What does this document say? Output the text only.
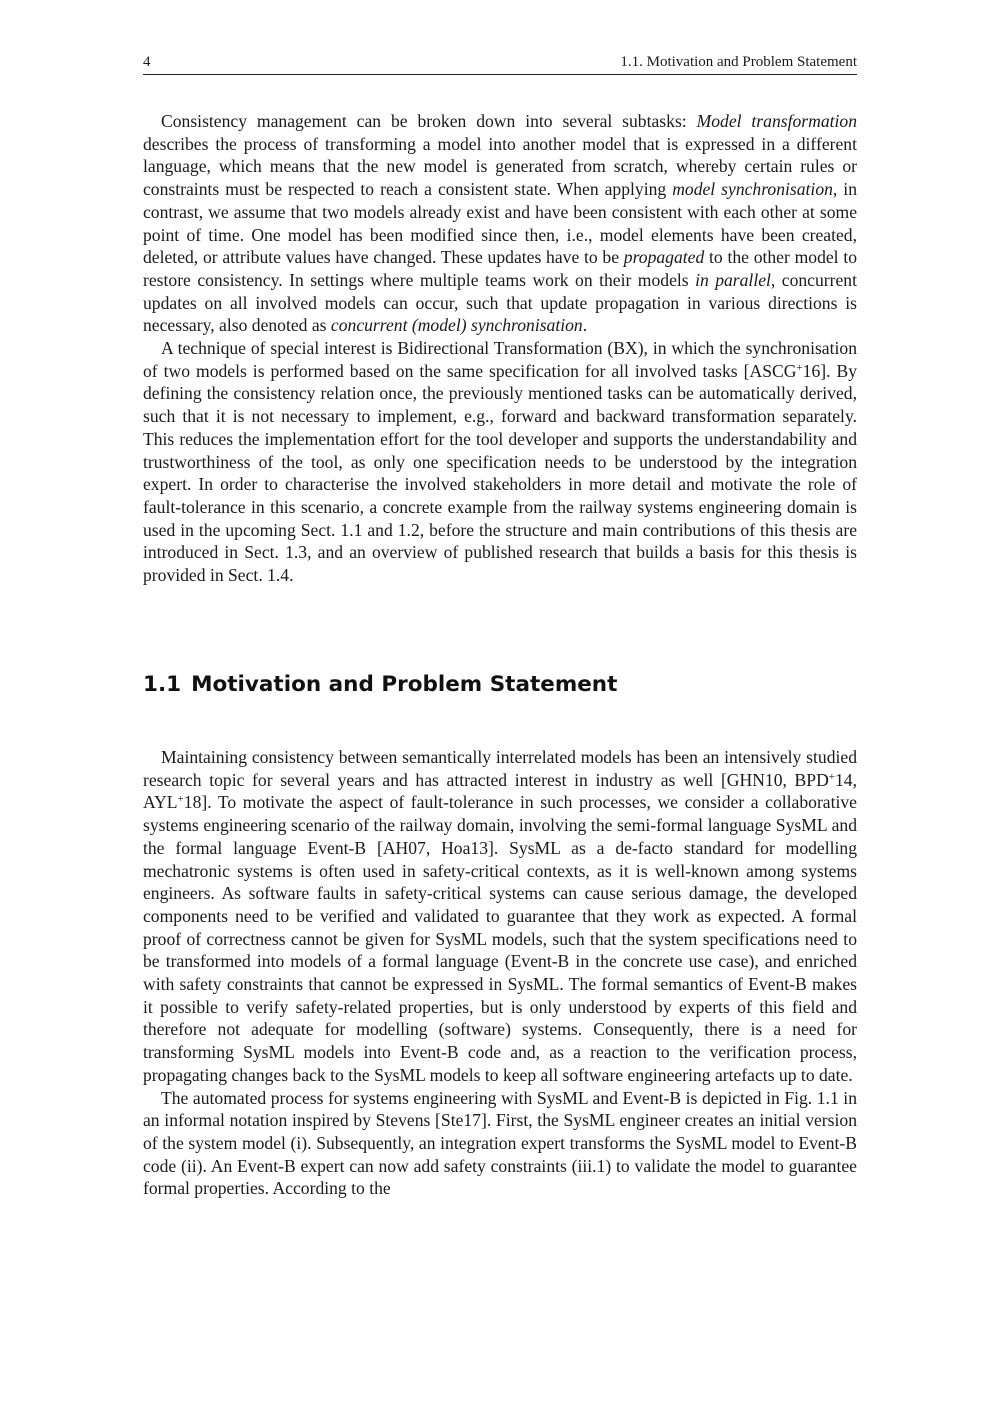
4	1.1. Motivation and Problem Statement

Consistency management can be broken down into several subtasks: Model transformation describes the process of transforming a model into another model that is expressed in a different language, which means that the new model is generated from scratch, whereby certain rules or constraints must be respected to reach a consistent state. When applying model synchronisation, in contrast, we assume that two models already exist and have been consistent with each other at some point of time. One model has been modified since then, i.e., model elements have been created, deleted, or attribute values have changed. These updates have to be propagated to the other model to restore consistency. In settings where multiple teams work on their models in parallel, concurrent updates on all involved models can occur, such that update propagation in various directions is necessary, also denoted as concurrent (model) synchronisation.

A technique of special interest is Bidirectional Transformation (BX), in which the synchronisation of two models is performed based on the same specification for all involved tasks [ASCG+16]. By defining the consistency relation once, the previously mentioned tasks can be automatically derived, such that it is not necessary to implement, e.g., forward and backward transformation separately. This reduces the implementation effort for the tool developer and supports the understandability and trustworthiness of the tool, as only one specification needs to be understood by the integration expert. In order to characterise the involved stakeholders in more detail and motivate the role of fault-tolerance in this scenario, a concrete example from the railway systems engineering domain is used in the upcoming Sect. 1.1 and 1.2, before the structure and main contributions of this thesis are introduced in Sect. 1.3, and an overview of published research that builds a basis for this thesis is provided in Sect. 1.4.

1.1 Motivation and Problem Statement

Maintaining consistency between semantically interrelated models has been an intensively studied research topic for several years and has attracted interest in industry as well [GHN10, BPD+14, AYL+18]. To motivate the aspect of fault-tolerance in such processes, we consider a collaborative systems engineering scenario of the railway domain, involving the semi-formal language SysML and the formal language Event-B [AH07, Hoa13]. SysML as a de-facto standard for modelling mechatronic systems is often used in safety-critical contexts, as it is well-known among systems engineers. As software faults in safety-critical systems can cause serious damage, the developed components need to be verified and validated to guarantee that they work as expected. A formal proof of correctness cannot be given for SysML models, such that the system specifications need to be transformed into models of a formal language (Event-B in the concrete use case), and enriched with safety constraints that cannot be expressed in SysML. The formal semantics of Event-B makes it possible to verify safety-related properties, but is only understood by experts of this field and therefore not adequate for modelling (software) systems. Consequently, there is a need for transforming SysML models into Event-B code and, as a reaction to the verification process, propagating changes back to the SysML models to keep all software engineering artefacts up to date.

The automated process for systems engineering with SysML and Event-B is depicted in Fig. 1.1 in an informal notation inspired by Stevens [Ste17]. First, the SysML engineer creates an initial version of the system model (i). Subsequently, an integration expert transforms the SysML model to Event-B code (ii). An Event-B expert can now add safety constraints (iii.1) to validate the model to guarantee formal properties. According to the
